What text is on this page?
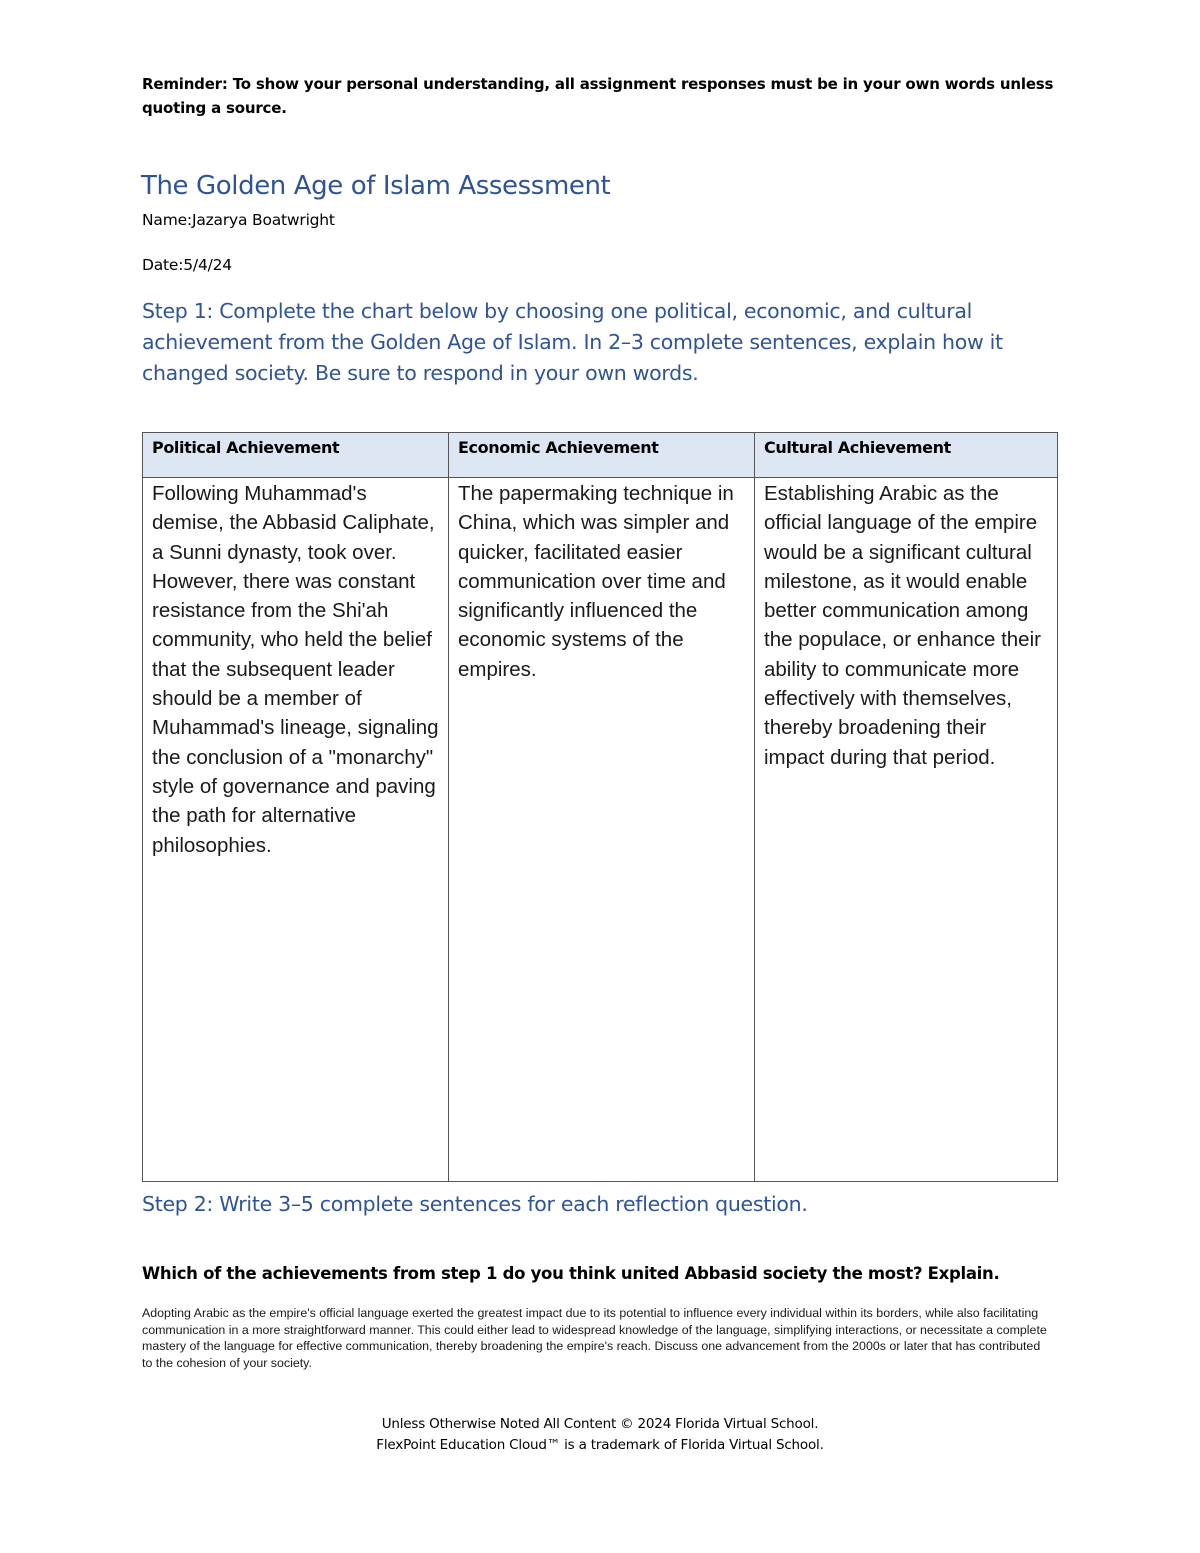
Reminder: To show your personal understanding, all assignment responses must be in your own words unless quoting a source.
The Golden Age of Islam Assessment
Name:Jazarya Boatwright
Date:5/4/24
Step 1: Complete the chart below by choosing one political, economic, and cultural achievement from the Golden Age of Islam. In 2–3 complete sentences, explain how it changed society. Be sure to respond in your own words.
Political Achievement
Following Muhammad's demise, the Abbasid Caliphate, a Sunni dynasty, took over. However, there was constant resistance from the Shi'ah community, who held the belief that the subsequent leader should be a member of Muhammad's lineage, signaling the conclusion of a "monarchy" style of governance and paving the path for alternative philosophies.
Economic Achievement
The papermaking technique in China, which was simpler and quicker, facilitated easier communication over time and significantly influenced the economic systems of the empires.
Cultural Achievement
Establishing Arabic as the official language of the empire would be a significant cultural milestone, as it would enable better communication among the populace, or enhance their ability to communicate more effectively with themselves, thereby broadening their impact during that period.
Step 2: Write 3–5 complete sentences for each reflection question.
Which of the achievements from step 1 do you think united Abbasid society the most? Explain.
Adopting Arabic as the empire's official language exerted the greatest impact due to its potential to influence every individual within its borders, while also facilitating communication in a more straightforward manner. This could either lead to widespread knowledge of the language, simplifying interactions, or necessitate a complete mastery of the language for effective communication, thereby broadening the empire's reach. Discuss one advancement from the 2000s or later that has contributed to the cohesion of your society.
Unless Otherwise Noted All Content © 2024 Florida Virtual School.
FlexPoint Education Cloud™ is a trademark of Florida Virtual School.
